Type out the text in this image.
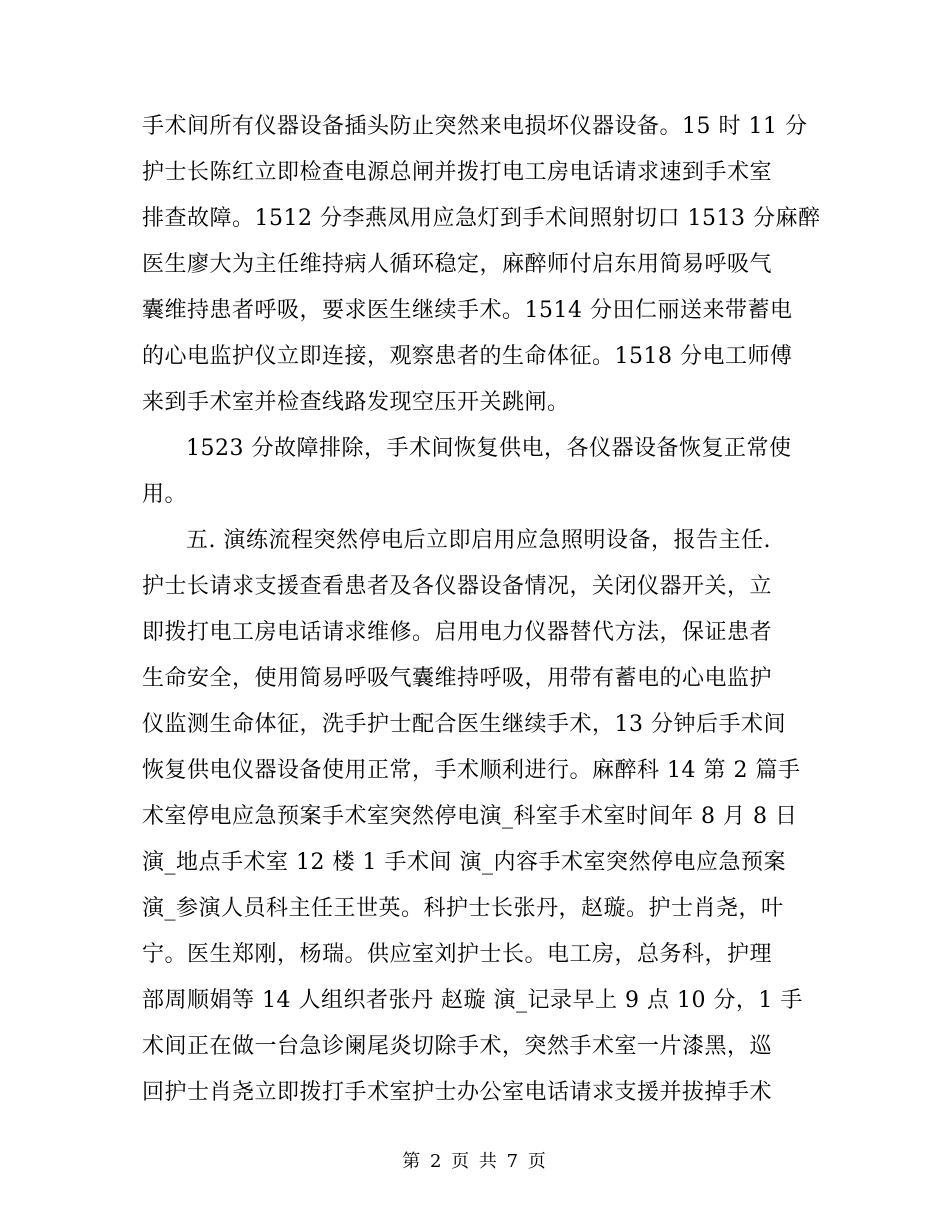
手术间所有仪器设备插头防止突然来电损坏仪器设备。15 时 11 分
护士长陈红立即检查电源总闸并拨打电工房电话请求速到手术室
排查故障。1512 分李燕凤用应急灯到手术间照射切口 1513 分麻醉
医生廖大为主任维持病人循环稳定，麻醉师付启东用简易呼吸气
囊维持患者呼吸，要求医生继续手术。1514 分田仁丽送来带蓄电
的心电监护仪立即连接，观察患者的生命体征。1518 分电工师傅
来到手术室并检查线路发现空压开关跳闸。
1523 分故障排除，手术间恢复供电，各仪器设备恢复正常使
用。
五. 演练流程突然停电后立即启用应急照明设备，报告主任.
护士长请求支援查看患者及各仪器设备情况，关闭仪器开关，立
即拨打电工房电话请求维修。启用电力仪器替代方法，保证患者
生命安全，使用简易呼吸气囊维持呼吸，用带有蓄电的心电监护
仪监测生命体征，洗手护士配合医生继续手术，13 分钟后手术间
恢复供电仪器设备使用正常，手术顺利进行。麻醉科 14 第 2 篇手
术室停电应急预案手术室突然停电演_科室手术室时间年 8 月 8 日
演_地点手术室 12 楼 1 手术间 演_内容手术室突然停电应急预案
演_参演人员科主任王世英。科护士长张丹，赵璇。护士肖尧，叶
宁。医生郑刚，杨瑞。供应室刘护士长。电工房，总务科，护理
部周顺娟等 14 人组织者张丹 赵璇 演_记录早上 9 点 10 分，1 手
术间正在做一台急诊阑尾炎切除手术，突然手术室一片漆黑，巡
回护士肖尧立即拨打手术室护士办公室电话请求支援并拔掉手术
第 2 页 共 7 页
